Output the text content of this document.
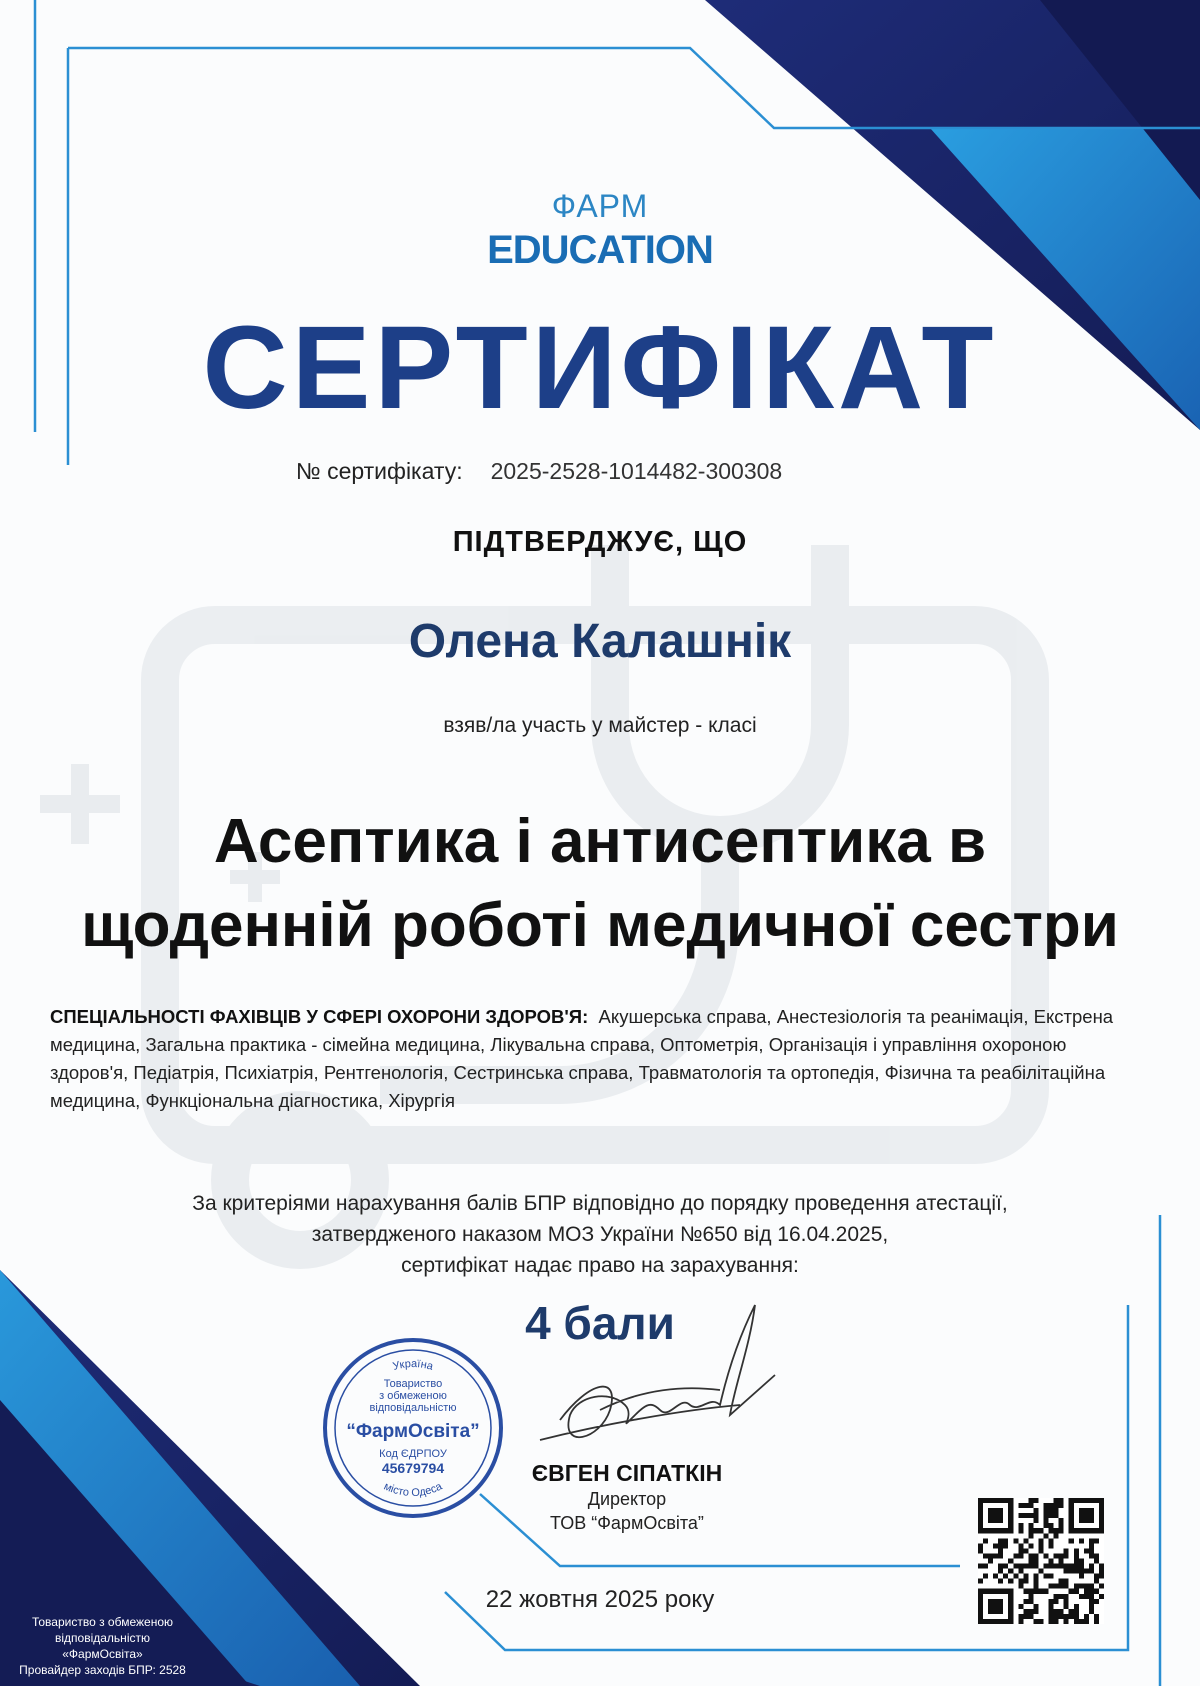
ФАРМ
EDUCATION
СЕРТИФІКАТ
№ сертифікату: 2025-2528-1014482-300308
ПІДТВЕРДЖУЄ, ЩО
Олена Калашнік
взяв/ла участь у майстер - класі
Асептика і антисептика в
щоденній роботі медичної сестри
СПЕЦІАЛЬНОСТІ ФАХІВЦІВ У СФЕРІ ОХОРОНИ ЗДОРОВ'Я: Акушерська справа, Анестезіологія та реанімація, Екстрена медицина, Загальна практика - сімейна медицина, Лікувальна справа, Оптометрія, Організація і управління охороною здоров'я, Педіатрія, Психіатрія, Рентгенологія, Сестринська справа, Травматологія та ортопедія, Фізична та реабілітаційна медицина, Функціональна діагностика, Хірургія
За критеріями нарахування балів БПР відповідно до порядку проведення атестації,
затвердженого наказом МОЗ України №650 від 16.04.2025,
сертифікат надає право на зарахування:
4 бали
Україна
місто Одеса
Товариство
з обмеженою
відповідальністю
“ФармОсвіта”
Код ЄДРПОУ
45679794	ЄВГЕН СІПАТКІН
Директор
ТОВ “ФармОсвіта”
22 жовтня 2025 року
Товариство з обмеженою
відповідальністю
«ФармОсвіта»
Провайдер заходів БПР: 2528
